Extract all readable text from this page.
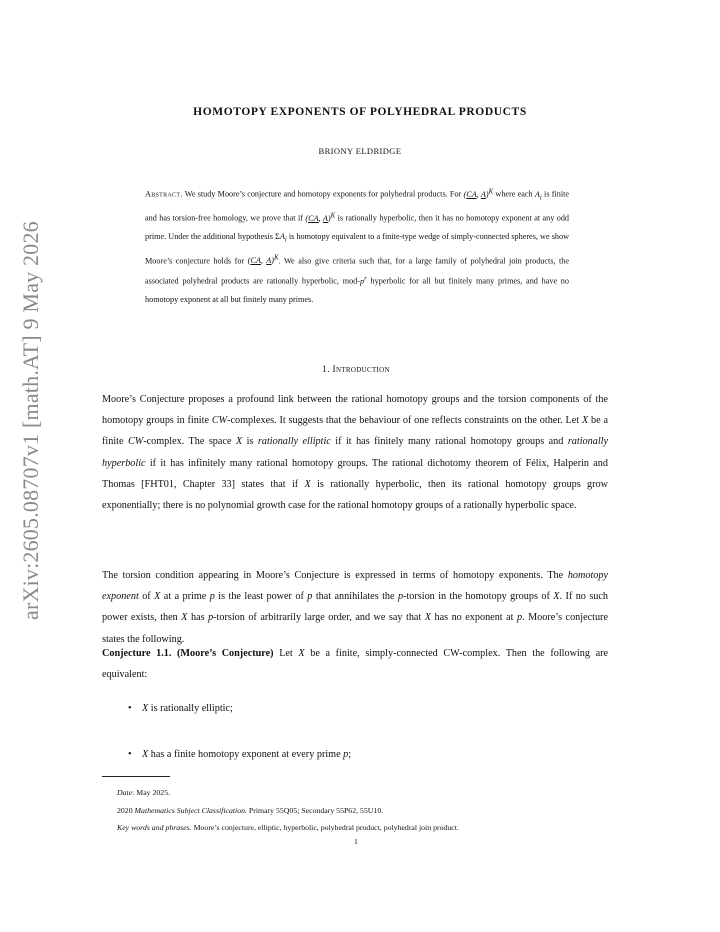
arXiv:2605.08707v1 [math.AT] 9 May 2026
HOMOTOPY EXPONENTS OF POLYHEDRAL PRODUCTS
BRIONY ELDRIDGE
Abstract. We study Moore’s conjecture and homotopy exponents for polyhedral products. For (CA, A)$^K$ where each $A_i$ is finite and has torsion-free homology, we prove that if (CA, A)$^K$ is rationally hyperbolic, then it has no homotopy exponent at any odd prime. Under the additional hypothesis $\Sigma A_i$ is homotopy equivalent to a finite-type wedge of simply-connected spheres, we show Moore’s conjecture holds for (CA, A)$^K$. We also give criteria such that, for a large family of polyhedral join products, the associated polyhedral products are rationally hyperbolic, mod-$p^r$ hyperbolic for all but finitely many primes, and have no homotopy exponent at all but finitely many primes.
1. Introduction
Moore’s Conjecture proposes a profound link between the rational homotopy groups and the torsion components of the homotopy groups in finite CW-complexes. It suggests that the behaviour of one reflects constraints on the other. Let X be a finite CW-complex. The space X is rationally elliptic if it has finitely many rational homotopy groups and rationally hyperbolic if it has infinitely many rational homotopy groups. The rational dichotomy theorem of Félix, Halperin and Thomas [FHT01, Chapter 33] states that if X is rationally hyperbolic, then its rational homotopy groups grow exponentially; there is no polynomial growth case for the rational homotopy groups of a rationally hyperbolic space.
The torsion condition appearing in Moore’s Conjecture is expressed in terms of homotopy exponents. The homotopy exponent of X at a prime p is the least power of p that annihilates the p-torsion in the homotopy groups of X. If no such power exists, then X has p-torsion of arbitrarily large order, and we say that X has no exponent at p. Moore’s conjecture states the following.
Conjecture 1.1. (Moore’s Conjecture) Let X be a finite, simply-connected CW-complex. Then the following are equivalent:
• X is rationally elliptic;
• X has a finite homotopy exponent at every prime p;
Date: May 2025.
2020 Mathematics Subject Classification. Primary 55Q05; Secondary 55P62, 55U10.
Key words and phrases. Moore’s conjecture, elliptic, hyperbolic, polyhedral product, polyhedral join product.
1
